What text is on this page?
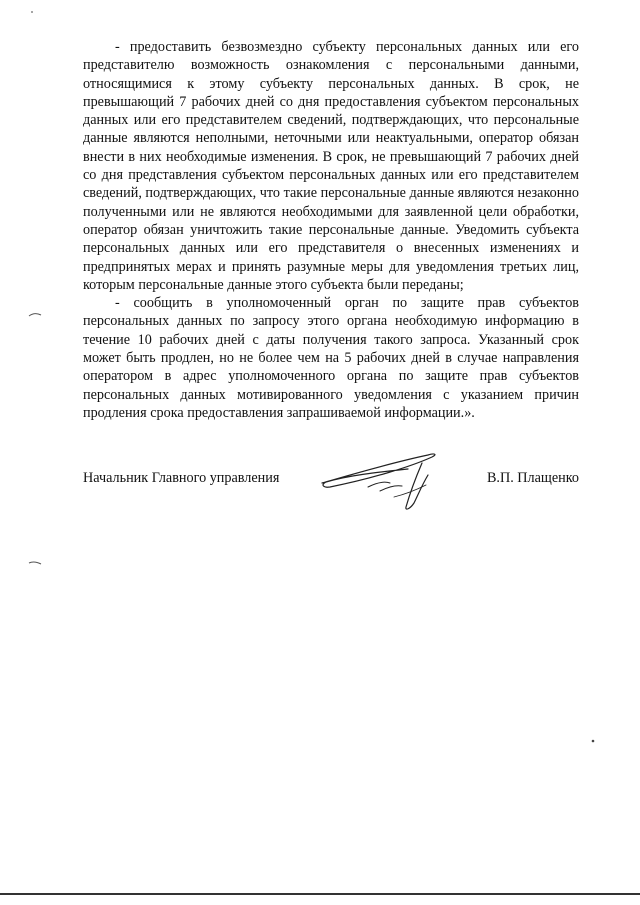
- предоставить безвозмездно субъекту персональных данных или его представителю возможность ознакомления с персональными данными, относящимися к этому субъекту персональных данных. В срок, не превышающий 7 рабочих дней со дня предоставления субъектом персональных данных или его представителем сведений, подтверждающих, что персональные данные являются неполными, неточными или неактуальными, оператор обязан внести в них необходимые изменения. В срок, не превышающий 7 рабочих дней со дня представления субъектом персональных данных или его представителем сведений, подтверждающих, что такие персональные данные являются незаконно полученными или не являются необходимыми для заявленной цели обработки, оператор обязан уничтожить такие персональные данные. Уведомить субъекта персональных данных или его представителя о внесенных изменениях и предпринятых мерах и принять разумные меры для уведомления третьих лиц, которым персональные данные этого субъекта были переданы;

- сообщить в уполномоченный орган по защите прав субъектов персональных данных по запросу этого органа необходимую информацию в течение 10 рабочих дней с даты получения такого запроса. Указанный срок может быть продлен, но не более чем на 5 рабочих дней в случае направления оператором в адрес уполномоченного органа по защите прав субъектов персональных данных мотивированного уведомления с указанием причин продления срока предоставления запрашиваемой информации.».

Начальник Главного управления	В.П. Плащенко
